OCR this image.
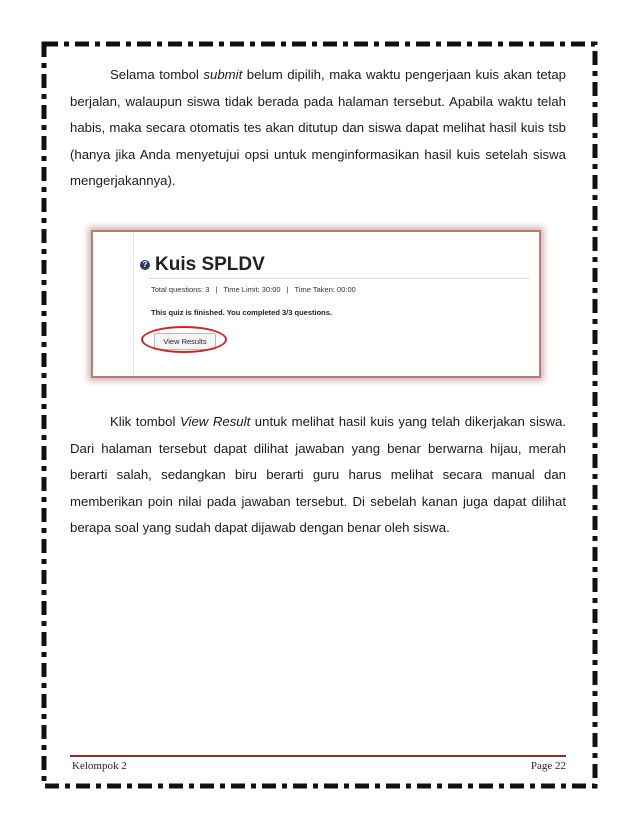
Selama tombol submit belum dipilih, maka waktu pengerjaan kuis akan tetap berjalan, walaupun siswa tidak berada pada halaman tersebut. Apabila waktu telah habis, maka secara otomatis tes akan ditutup dan siswa dapat melihat hasil kuis tsb (hanya jika Anda menyetujui opsi untuk menginformasikan hasil kuis setelah siswa mengerjakannya).

? Kuis SPLDV
Total questions: 3 | Time Limit: 30:00 | Time Taken: 00:00
This quiz is finished. You completed 3/3 questions.
View Results

Klik tombol View Result untuk melihat hasil kuis yang telah dikerjakan siswa. Dari halaman tersebut dapat dilihat jawaban yang benar berwarna hijau, merah berarti salah, sedangkan biru berarti guru harus melihat secara manual dan memberikan poin nilai pada jawaban tersebut. Di sebelah kanan juga dapat dilihat berapa soal yang sudah dapat dijawab dengan benar oleh siswa.

Kelompok 2	Page 22
